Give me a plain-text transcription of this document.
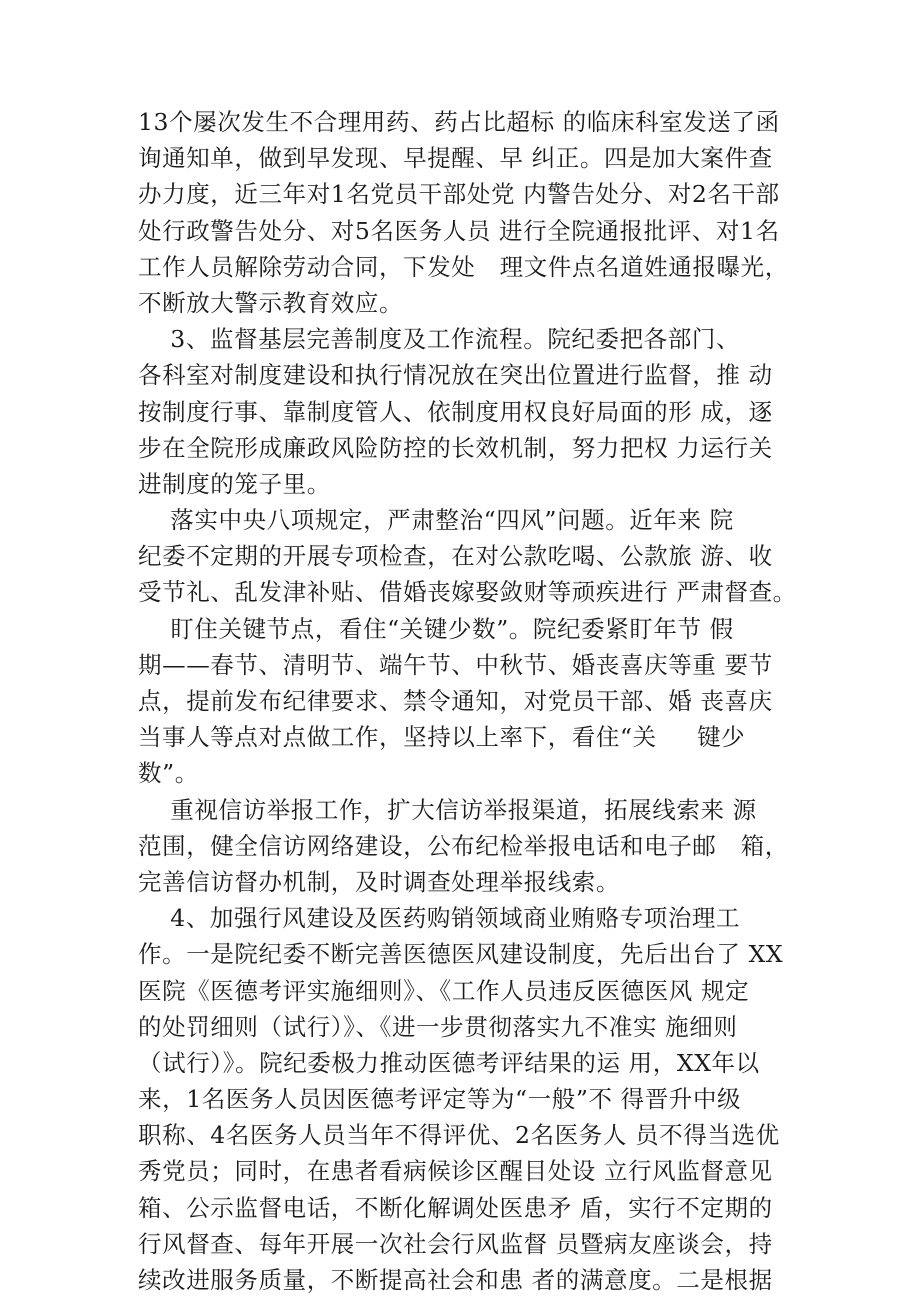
13个屡次发生不合理用药、药占比超标 的临床科室发送了函
询通知单，做到早发现、早提醒、早 纠正。四是加大案件查
办力度，近三年对1名党员干部处党 内警告处分、对2名干部
处行政警告处分、对5名医务人员 进行全院通报批评、对1名
工作人员解除劳动合同，下发处   理文件点名道姓通报曝光，
不断放大警示教育效应。
3、监督基层完善制度及工作流程。院纪委把各部门、
各科室对制度建设和执行情况放在突出位置进行监督，推 动
按制度行事、靠制度管人、依制度用权良好局面的形 成，逐
步在全院形成廉政风险防控的长效机制，努力把权 力运行关
进制度的笼子里。
落实中央八项规定，严肃整治“四风”问题。近年来 院
纪委不定期的开展专项检查，在对公款吃喝、公款旅 游、收
受节礼、乱发津补贴、借婚丧嫁娶敛财等顽疾进行 严肃督查。
盯住关键节点，看住“关键少数”。院纪委紧盯年节 假
期——春节、清明节、端午节、中秋节、婚丧喜庆等重 要节
点，提前发布纪律要求、禁令通知，对党员干部、婚 丧喜庆
当事人等点对点做工作，坚持以上率下，看住“关     键少
数”。
重视信访举报工作，扩大信访举报渠道，拓展线索来 源
范围，健全信访网络建设，公布纪检举报电话和电子邮   箱，
完善信访督办机制，及时调查处理举报线索。
4、加强行风建设及医药购销领域商业贿赂专项治理工
作。一是院纪委不断完善医德医风建设制度，先后出台了 XX
医院《医德考评实施细则》、《工作人员违反医德医风 规定
的处罚细则（试行）》、《进一步贯彻落实九不准实 施细则
（试行）》。院纪委极力推动医德考评结果的运 用，XX年以
来，1名医务人员因医德考评定等为“一般”不 得晋升中级
职称、4名医务人员当年不得评优、2名医务人 员不得当选优
秀党员；同时，在患者看病候诊区醒目处设 立行风监督意见
箱、公示监督电话，不断化解调处医患矛 盾，实行不定期的
行风督查、每年开展一次社会行风监督 员暨病友座谈会，持
续改进服务质量，不断提高社会和患 者的满意度。二是根据
